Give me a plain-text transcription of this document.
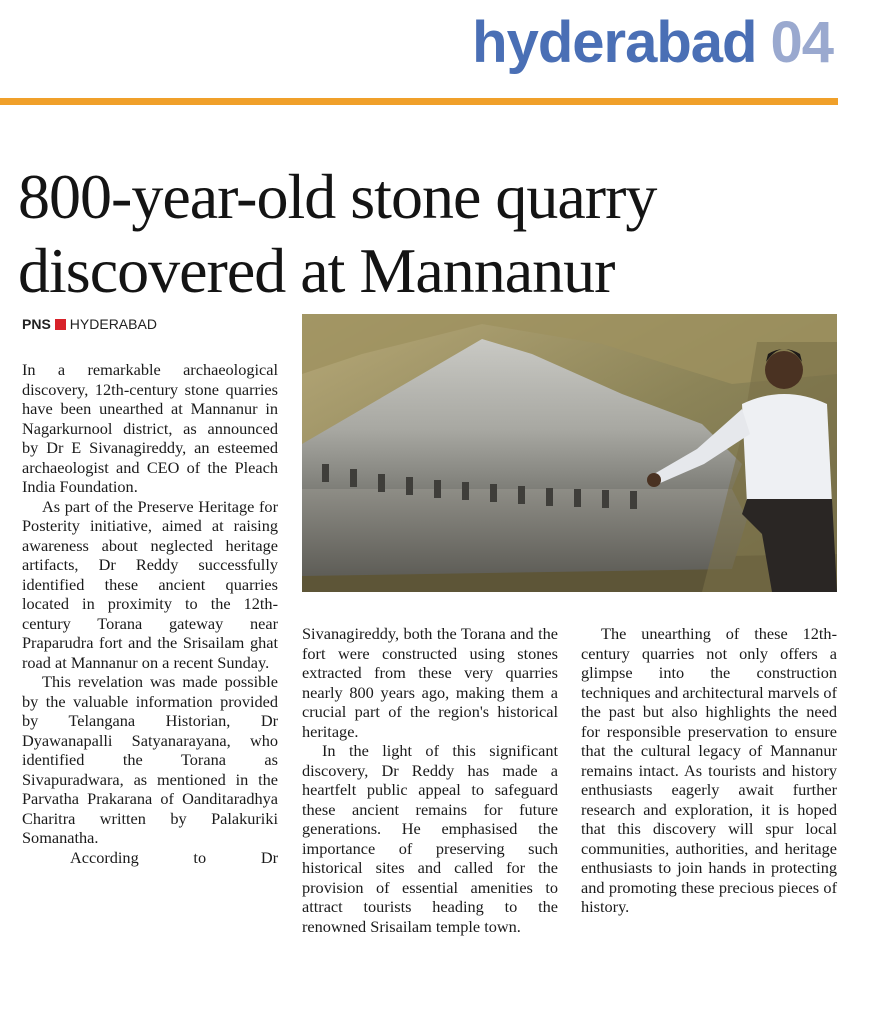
hyderabad 04
800-year-old stone quarry
discovered at Mannanur
PNS HYDERABAD

In a remarkable archaeological discovery, 12th-century stone quarries have been unearthed at Mannanur in Nagarkurnool district, as announced by Dr E Sivanagireddy, an esteemed archaeologist and CEO of the Pleach India Foundation.

As part of the Preserve Heritage for Posterity initiative, aimed at raising awareness about neglected heritage artifacts, Dr Reddy successfully identified these ancient quarries located in proximity to the 12th-century Torana gateway near Praparudra fort and the Srisailam ghat road at Mannanur on a recent Sunday.

This revelation was made possible by the valuable information provided by Telangana Historian, Dr Dyawanapalli Satyanarayana, who identified the Torana as Sivapuradwara, as mentioned in the Parvatha Prakarana of Oanditaradhya Charitra written by Palakuriki Somanatha.

According to Dr

Sivanagireddy, both the Torana and the fort were constructed using stones extracted from these very quarries nearly 800 years ago, making them a crucial part of the region's historical heritage.

In the light of this significant discovery, Dr Reddy has made a heartfelt public appeal to safeguard these ancient remains for future generations. He emphasised the importance of preserving such historical sites and called for the provision of essential amenities to attract tourists heading to the renowned Srisailam temple town.

The unearthing of these 12th-century quarries not only offers a glimpse into the construction techniques and architectural marvels of the past but also highlights the need for responsible preservation to ensure that the cultural legacy of Mannanur remains intact. As tourists and history enthusiasts eagerly await further research and exploration, it is hoped that this discovery will spur local communities, authorities, and heritage enthusiasts to join hands in protecting and promoting these precious pieces of history.
